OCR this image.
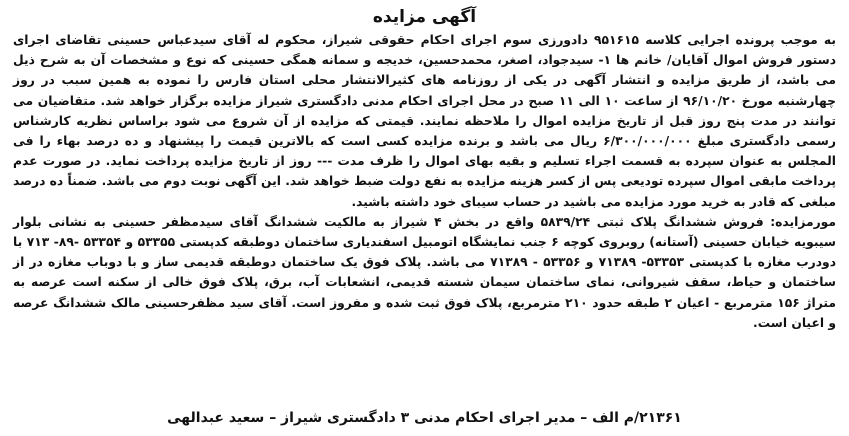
آگهی مزایده

به موجب پرونده اجرایی کلاسه ۹۵۱۶۱۵ دادورزی سوم اجرای احکام حقوقی شیراز، محکوم له آقای سیدعباس حسینی تقاضای اجرای دستور فروش اموال آقایان/ خانم ها ۱- سیدجواد، اصغر، محمدحسین، خدیجه و سمانه همگی حسینی که نوع و مشخصات آن به شرح ذیل می باشد، از طریق مزایده و انتشار آگهی در یکی از روزنامه های کثیرالانتشار محلی استان فارس را نموده به همین سبب در روز چهارشنبه مورخ ۹۶/۱۰/۲۰ از ساعت ۱۰ الی ۱۱ صبح در محل اجرای احکام مدنی دادگستری شیراز مزایده برگزار خواهد شد. متقاضیان می توانند در مدت پنج روز قبل از تاریخ مزایده اموال را ملاحظه نمایند. قیمتی که مزایده از آن شروع می شود براساس نظریه کارشناس رسمی دادگستری مبلغ ۶/۳۰۰/۰۰۰/۰۰۰ ریال می باشد و برنده مزایده کسی است که بالاترین قیمت را پیشنهاد و ده درصد بهاء را فی المجلس به عنوان سپرده به قسمت اجراء تسلیم و بقیه بهای اموال را ظرف مدت --- روز از تاریخ مزایده پرداخت نماید. در صورت عدم پرداخت مابقی اموال سپرده تودیعی پس از کسر هزینه مزایده به نفع دولت ضبط خواهد شد. این آگهی نوبت دوم می باشد. ضمناً ده درصد مبلغی که قادر به خرید مورد مزایده می باشید در حساب سیبای خود داشته باشید.

مورمزایده: فروش ششدانگ پلاک ثبتی ۵۸۳۹/۲۴ واقع در بخش ۴ شیراز به مالکیت ششدانگ آقای سیدمظفر حسینی به نشانی بلوار سیبویه خیابان حسینی (آستانه) روبروی کوچه ۶ جنب نمایشگاه اتومبیل اسفندیاری ساختمان دوطبقه کدپستی ۵۳۳۵۵ و ۵۳۳۵۴ -۸۹- ۷۱۳ با دودرب مغازه با کدپستی ۵۳۳۵۳- ۷۱۳۸۹ و ۵۳۳۵۶ - ۷۱۳۸۹ می باشد. پلاک فوق یک ساختمان دوطبقه قدیمی ساز و با دوباب مغازه در از ساختمان و حیاط، سقف شیروانی، نمای ساختمان سیمان شسته قدیمی، انشعابات آب، برق، پلاک فوق خالی از سکنه است عرصه به متراژ ۱۵۶ مترمربع - اعیان ۲ طبقه حدود ۲۱۰ مترمربع، پلاک فوق ثبت شده و مفروز است. آقای سید مظفرحسینی مالک ششدانگ عرصه و اعیان است.

۲۱۳۶۱/م الف – مدیر اجرای احکام مدنی ۳ دادگستری شیراز – سعید عبدالهی
